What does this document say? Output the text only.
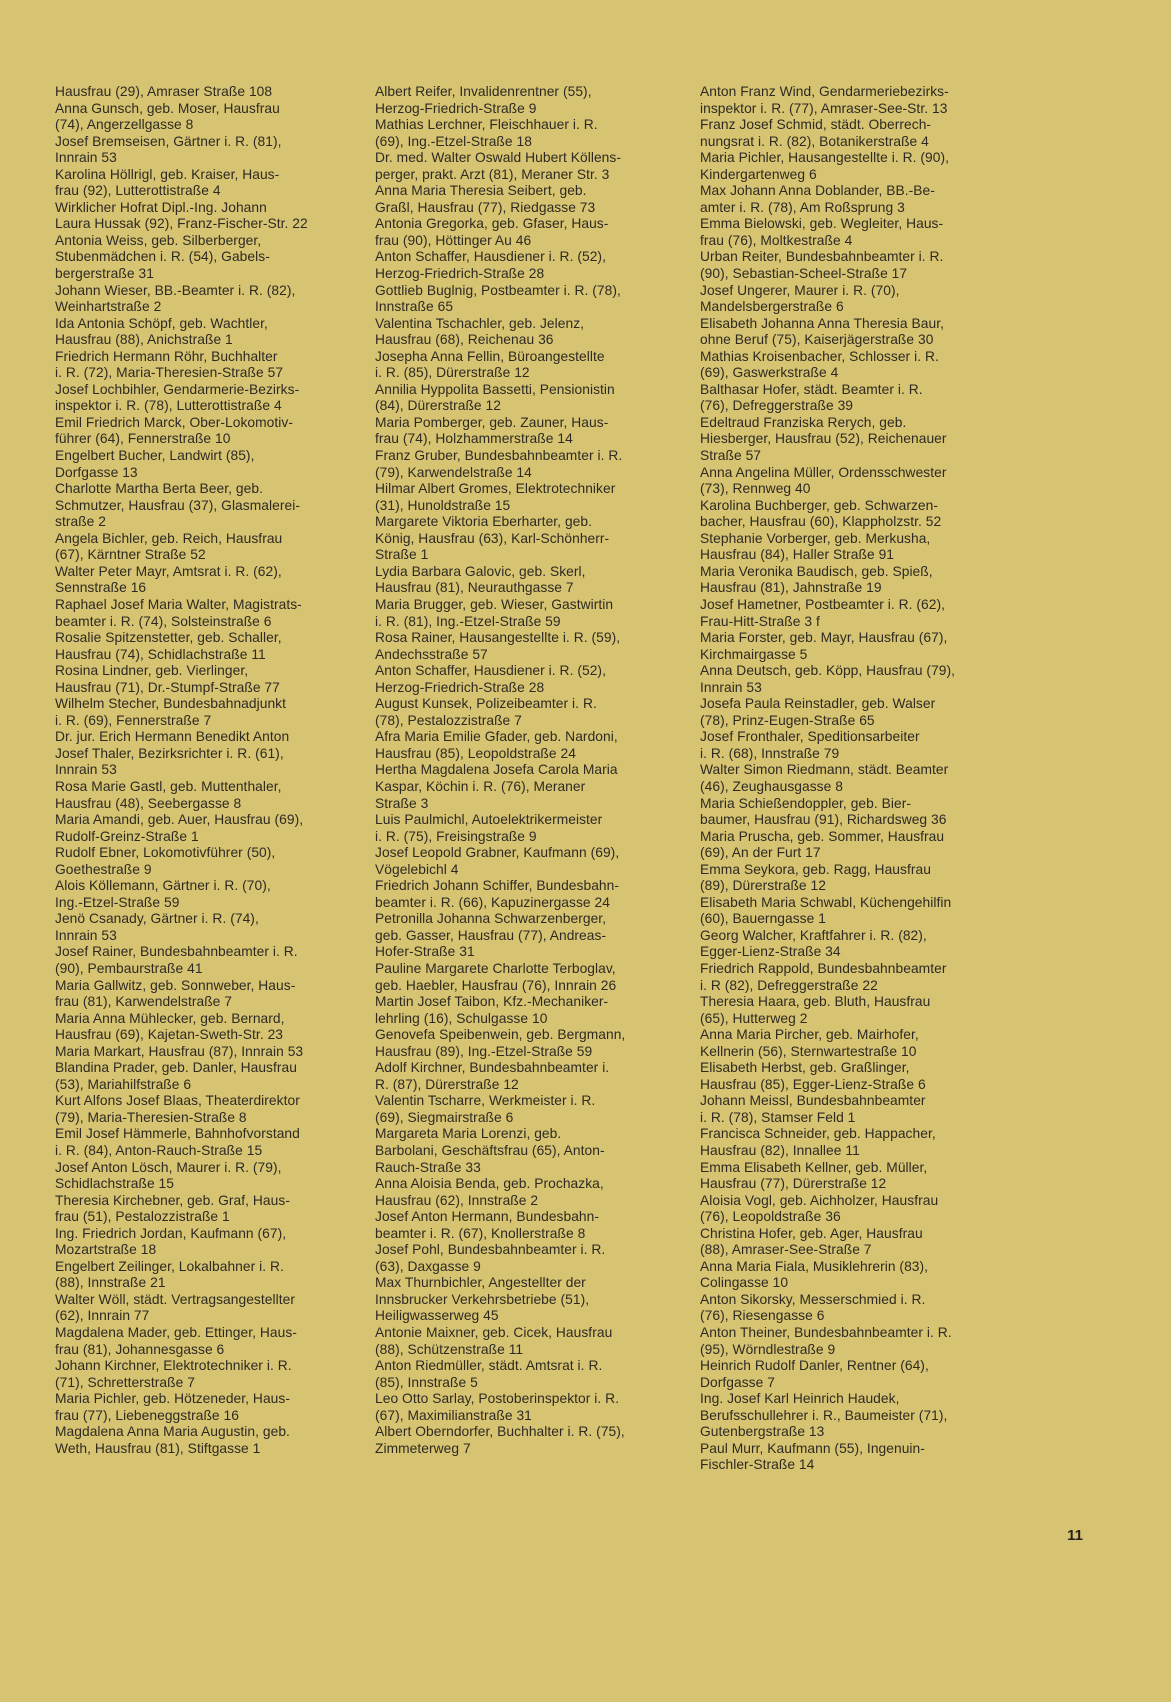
Hausfrau (29), Amraser Straße 108
Anna Gunsch, geb. Moser, Hausfrau
(74), Angerzellgasse 8
Josef Bremseisen, Gärtner i. R. (81),
Innrain 53
Karolina Höllrigl, geb. Kraiser, Haus-
frau (92), Lutterottistraße 4
Wirklicher Hofrat Dipl.-Ing. Johann
Laura Hussak (92), Franz-Fischer-Str. 22
Antonia Weiss, geb. Silberberger,
Stubenmädchen i. R. (54), Gabels-
bergerstraße 31
Johann Wieser, BB.-Beamter i. R. (82),
Weinhartstraße 2
Ida Antonia Schöpf, geb. Wachtler,
Hausfrau (88), Anichstraße 1
Friedrich Hermann Röhr, Buchhalter
i. R. (72), Maria-Theresien-Straße 57
Josef Lochbihler, Gendarmerie-Bezirks-
inspektor i. R. (78), Lutterottistraße 4
Emil Friedrich Marck, Ober-Lokomotiv-
führer (64), Fennerstraße 10
Engelbert Bucher, Landwirt (85),
Dorfgasse 13
Charlotte Martha Berta Beer, geb.
Schmutzer, Hausfrau (37), Glasmalerei-
straße 2
Angela Bichler, geb. Reich, Hausfrau
(67), Kärntner Straße 52
Walter Peter Mayr, Amtsrat i. R. (62),
Sennstraße 16
Raphael Josef Maria Walter, Magistrats-
beamter i. R. (74), Solsteinstraße 6
Rosalie Spitzenstetter, geb. Schaller,
Hausfrau (74), Schidlachstraße 11
Rosina Lindner, geb. Vierlinger,
Hausfrau (71), Dr.-Stumpf-Straße 77
Wilhelm Stecher, Bundesbahnadjunkt
i. R. (69), Fennerstraße 7
Dr. jur. Erich Hermann Benedikt Anton
Josef Thaler, Bezirksrichter i. R. (61),
Innrain 53
Rosa Marie Gastl, geb. Muttenthaler,
Hausfrau (48), Seebergasse 8
Maria Amandi, geb. Auer, Hausfrau (69),
Rudolf-Greinz-Straße 1
Rudolf Ebner, Lokomotivführer (50),
Goethestraße 9
Alois Köllemann, Gärtner i. R. (70),
Ing.-Etzel-Straße 59
Jenö Csanady, Gärtner i. R. (74),
Innrain 53
Josef Rainer, Bundesbahnbeamter i. R.
(90), Pembaurstraße 41
Maria Gallwitz, geb. Sonnweber, Haus-
frau (81), Karwendelstraße 7
Maria Anna Mühlecker, geb. Bernard,
Hausfrau (69), Kajetan-Sweth-Str. 23
Maria Markart, Hausfrau (87), Innrain 53
Blandina Prader, geb. Danler, Hausfrau
(53), Mariahilfstraße 6
Kurt Alfons Josef Blaas, Theaterdirektor
(79), Maria-Theresien-Straße 8
Emil Josef Hämmerle, Bahnhofvorstand
i. R. (84), Anton-Rauch-Straße 15
Josef Anton Lösch, Maurer i. R. (79),
Schidlachstraße 15
Theresia Kirchebner, geb. Graf, Haus-
frau (51), Pestalozzistraße 1
Ing. Friedrich Jordan, Kaufmann (67),
Mozartstraße 18
Engelbert Zeilinger, Lokalbahner i. R.
(88), Innstraße 21
Walter Wöll, städt. Vertragsangestellter
(62), Innrain 77
Magdalena Mader, geb. Ettinger, Haus-
frau (81), Johannesgasse 6
Johann Kirchner, Elektrotechniker i. R.
(71), Schretterstraße 7
Maria Pichler, geb. Hötzeneder, Haus-
frau (77), Liebeneggstraße 16
Magdalena Anna Maria Augustin, geb.
Weth, Hausfrau (81), Stiftgasse 1
Albert Reifer, Invalidenrentner (55),
Herzog-Friedrich-Straße 9
Mathias Lerchner, Fleischhauer i. R.
(69), Ing.-Etzel-Straße 18
Dr. med. Walter Oswald Hubert Köllens-
perger, prakt. Arzt (81), Meraner Str. 3
Anna Maria Theresia Seibert, geb.
Graßl, Hausfrau (77), Riedgasse 73
Antonia Gregorka, geb. Gfaser, Haus-
frau (90), Höttinger Au 46
Anton Schaffer, Hausdiener i. R. (52),
Herzog-Friedrich-Straße 28
Gottlieb Buglnig, Postbeamter i. R. (78),
Innstraße 65
Valentina Tschachler, geb. Jelenz,
Hausfrau (68), Reichenau 36
Josepha Anna Fellin, Büroangestellte
i. R. (85), Dürerstraße 12
Annilia Hyppolita Bassetti, Pensionistin
(84), Dürerstraße 12
Maria Pomberger, geb. Zauner, Haus-
frau (74), Holzhammerstraße 14
Franz Gruber, Bundesbahnbeamter i. R.
(79), Karwendelstraße 14
Hilmar Albert Gromes, Elektrotechniker
(31), Hunoldstraße 15
Margarete Viktoria Eberharter, geb.
König, Hausfrau (63), Karl-Schönherr-
Straße 1
Lydia Barbara Galovic, geb. Skerl,
Hausfrau (81), Neurauthgasse 7
Maria Brugger, geb. Wieser, Gastwirtin
i. R. (81), Ing.-Etzel-Straße 59
Rosa Rainer, Hausangestellte i. R. (59),
Andechsstraße 57
Anton Schaffer, Hausdiener i. R. (52),
Herzog-Friedrich-Straße 28
August Kunsek, Polizeibeamter i. R.
(78), Pestalozzistraße 7
Afra Maria Emilie Gfader, geb. Nardoni,
Hausfrau (85), Leopoldstraße 24
Hertha Magdalena Josefa Carola Maria
Kaspar, Köchin i. R. (76), Meraner
Straße 3
Luis Paulmichl, Autoelektrikermeister
i. R. (75), Freisingstraße 9
Josef Leopold Grabner, Kaufmann (69),
Vögelebichl 4
Friedrich Johann Schiffer, Bundesbahn-
beamter i. R. (66), Kapuzinergasse 24
Petronilla Johanna Schwarzenberger,
geb. Gasser, Hausfrau (77), Andreas-
Hofer-Straße 31
Pauline Margarete Charlotte Terboglav,
geb. Haebler, Hausfrau (76), Innrain 26
Martin Josef Taibon, Kfz.-Mechaniker-
lehrling (16), Schulgasse 10
Genovefa Speibenwein, geb. Bergmann,
Hausfrau (89), Ing.-Etzel-Straße 59
Adolf Kirchner, Bundesbahnbeamter i.
R. (87), Dürerstraße 12
Valentin Tscharre, Werkmeister i. R.
(69), Siegmairstraße 6
Margareta Maria Lorenzi, geb.
Barbolani, Geschäftsfrau (65), Anton-
Rauch-Straße 33
Anna Aloisia Benda, geb. Prochazka,
Hausfrau (62), Innstraße 2
Josef Anton Hermann, Bundesbahn-
beamter i. R. (67), Knollerstraße 8
Josef Pohl, Bundesbahnbeamter i. R.
(63), Daxgasse 9
Max Thurnbichler, Angestellter der
Innsbrucker Verkehrsbetriebe (51),
Heiligwasserweg 45
Antonie Maixner, geb. Cicek, Hausfrau
(88), Schützenstraße 11
Anton Riedmüller, städt. Amtsrat i. R.
(85), Innstraße 5
Leo Otto Sarlay, Postoberinspektor i. R.
(67), Maximilianstraße 31
Albert Oberndorfer, Buchhalter i. R. (75),
Zimmeterweg 7
Anton Franz Wind, Gendarmeriebezirks-
inspektor i. R. (77), Amraser-See-Str. 13
Franz Josef Schmid, städt. Oberrech-
nungsrat i. R. (82), Botanikerstraße 4
Maria Pichler, Hausangestellte i. R. (90),
Kindergartenweg 6
Max Johann Anna Doblander, BB.-Be-
amter i. R. (78), Am Roßsprung 3
Emma Bielowski, geb. Wegleiter, Haus-
frau (76), Moltkestraße 4
Urban Reiter, Bundesbahnbeamter i. R.
(90), Sebastian-Scheel-Straße 17
Josef Ungerer, Maurer i. R. (70),
Mandelsbergerstraße 6
Elisabeth Johanna Anna Theresia Baur,
ohne Beruf (75), Kaiserjägerstraße 30
Mathias Kroisenbacher, Schlosser i. R.
(69), Gaswerkstraße 4
Balthasar Hofer, städt. Beamter i. R.
(76), Defreggerstraße 39
Edeltraud Franziska Rerych, geb.
Hiesberger, Hausfrau (52), Reichenauer
Straße 57
Anna Angelina Müller, Ordensschwester
(73), Rennweg 40
Karolina Buchberger, geb. Schwarzen-
bacher, Hausfrau (60), Klappholzstr. 52
Stephanie Vorberger, geb. Merkusha,
Hausfrau (84), Haller Straße 91
Maria Veronika Baudisch, geb. Spieß,
Hausfrau (81), Jahnstraße 19
Josef Hametner, Postbeamter i. R. (62),
Frau-Hitt-Straße 3 f
Maria Forster, geb. Mayr, Hausfrau (67),
Kirchmairgasse 5
Anna Deutsch, geb. Köpp, Hausfrau (79),
Innrain 53
Josefa Paula Reinstadler, geb. Walser
(78), Prinz-Eugen-Straße 65
Josef Fronthaler, Speditionsarbeiter
i. R. (68), Innstraße 79
Walter Simon Riedmann, städt. Beamter
(46), Zeughausgasse 8
Maria Schießendoppler, geb. Bier-
baumer, Hausfrau (91), Richardsweg 36
Maria Pruscha, geb. Sommer, Hausfrau
(69), An der Furt 17
Emma Seykora, geb. Ragg, Hausfrau
(89), Dürerstraße 12
Elisabeth Maria Schwabl, Küchengehilfin
(60), Bauerngasse 1
Georg Walcher, Kraftfahrer i. R. (82),
Egger-Lienz-Straße 34
Friedrich Rappold, Bundesbahnbeamter
i. R (82), Defreggerstraße 22
Theresia Haara, geb. Bluth, Hausfrau
(65), Hutterweg 2
Anna Maria Pircher, geb. Mairhofer,
Kellnerin (56), Sternwartestraße 10
Elisabeth Herbst, geb. Graßlinger,
Hausfrau (85), Egger-Lienz-Straße 6
Johann Meissl, Bundesbahnbeamter
i. R. (78), Stamser Feld 1
Francisca Schneider, geb. Happacher,
Hausfrau (82), Innallee 11
Emma Elisabeth Kellner, geb. Müller,
Hausfrau (77), Dürerstraße 12
Aloisia Vogl, geb. Aichholzer, Hausfrau
(76), Leopoldstraße 36
Christina Hofer, geb. Ager, Hausfrau
(88), Amraser-See-Straße 7
Anna Maria Fiala, Musiklehrerin (83),
Colingasse 10
Anton Sikorsky, Messerschmied i. R.
(76), Riesengasse 6
Anton Theiner, Bundesbahnbeamter i. R.
(95), Wörndlestraße 9
Heinrich Rudolf Danler, Rentner (64),
Dorfgasse 7
Ing. Josef Karl Heinrich Haudek,
Berufsschullehrer i. R., Baumeister (71),
Gutenbergstraße 13
Paul Murr, Kaufmann (55), Ingenuin-
Fischler-Straße 14
11
